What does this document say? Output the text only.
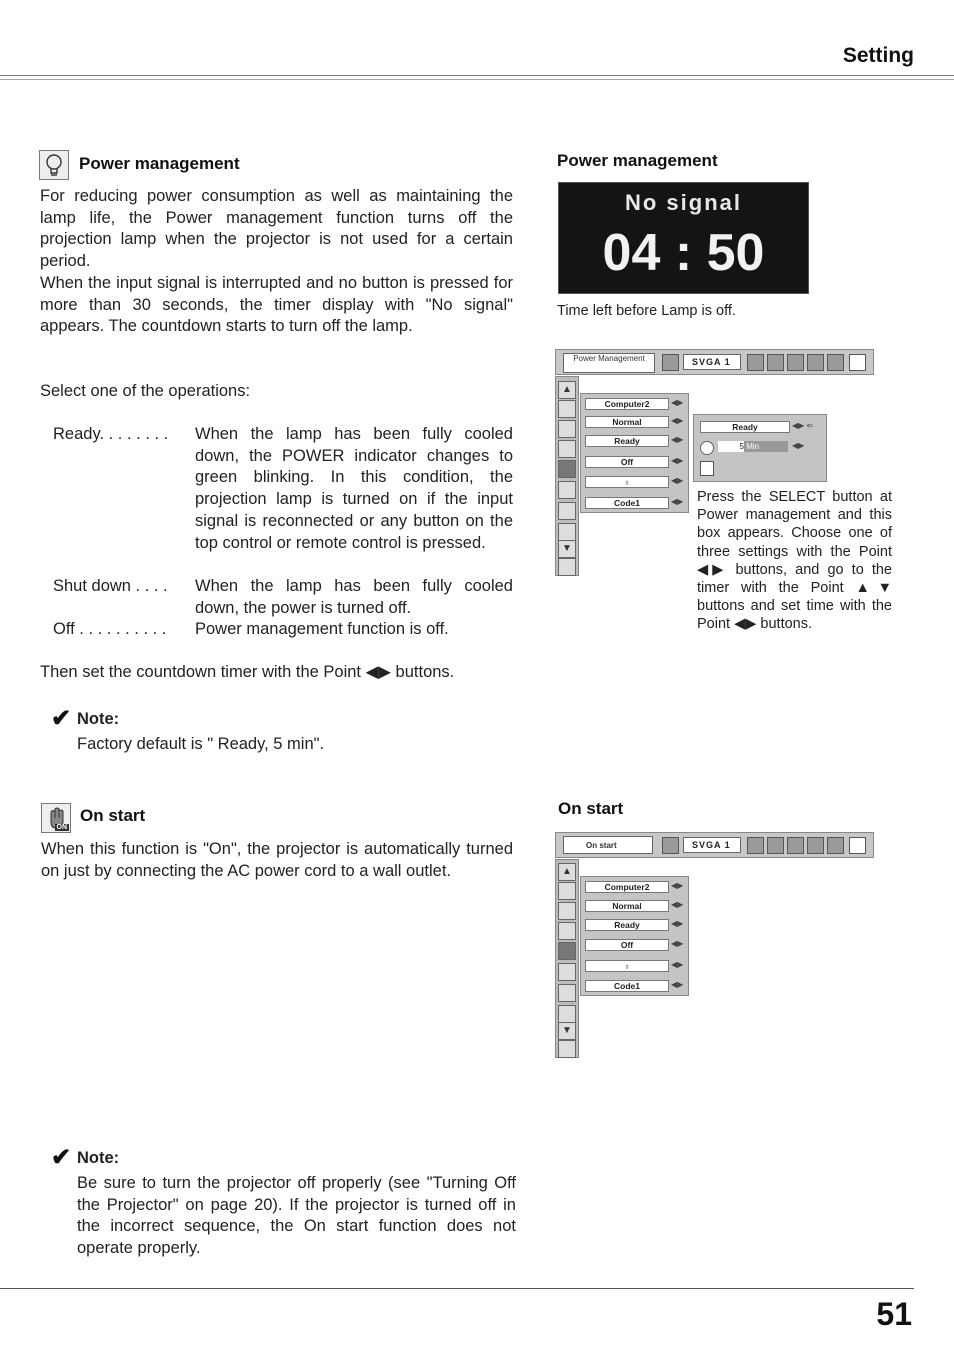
Setting
Power management
For reducing power consumption as well as maintaining the lamp life, the Power management function turns off the projection lamp when the projector is not used for a certain period.
When the input signal is interrupted and no button is pressed for more than 30 seconds, the timer display with "No signal" appears. The countdown starts to turn off the lamp.
Select one of the operations:
Ready. . . . . . . . When the lamp has been fully cooled down, the POWER indicator changes to green blinking. In this condition, the projection lamp is turned on if the input signal is reconnected or any button on the top control or remote control is pressed.
Shut down . . . . When the lamp has been fully cooled down, the power is turned off.
Off . . . . . . . . . . Power management function is off.
Then set the countdown timer with the Point ◀▶ buttons.
✔ Note:
Factory default is " Ready, 5 min".
Power management
No signal
04 : 50
Time left before Lamp is off.
Power Management	SVGA 1
▲
▼
Computer2	◀▶
Normal	◀▶
Ready	◀▶
Off	◀▶
♁	◀▶
Code1	◀▶
Ready	◀▶ ⇐
5 Min	◀▶
Press the SELECT button at Power management and this box appears. Choose one of three settings with the Point ◀▶ buttons, and go to the timer with the Point ▲▼ buttons and set time with the Point ◀▶ buttons.
ON
On start
When this function is "On", the projector is automatically turned on just by connecting the AC power cord to a wall outlet.
✔ Note:
Be sure to turn the projector off properly (see "Turning Off the Projector" on page 20). If the projector is turned off in the incorrect sequence, the On start function does not operate properly.
On start
On start	SVGA 1
▲
▼
Computer2	◀▶
Normal	◀▶
Ready	◀▶
Off	◀▶
♁	◀▶
Code1	◀▶
51
